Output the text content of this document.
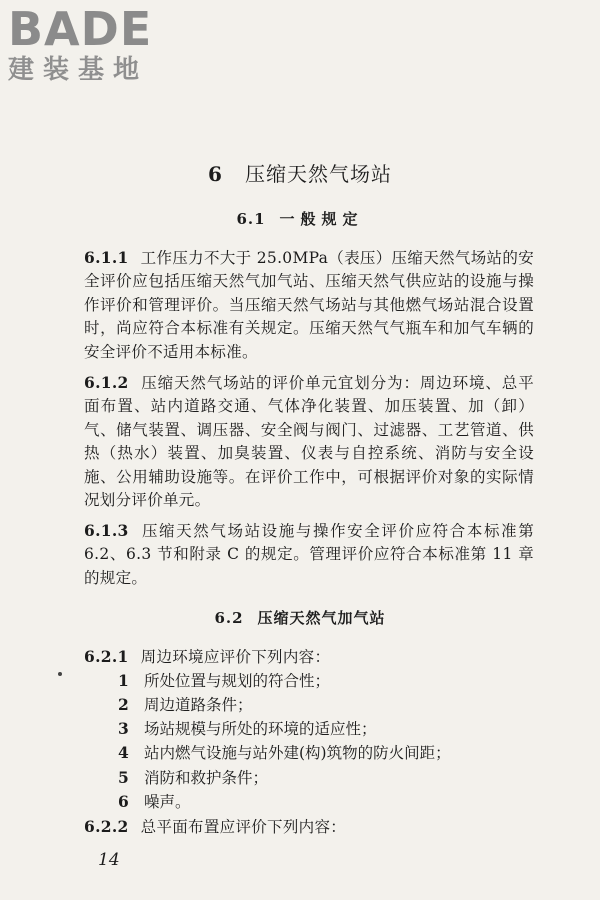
BADE
建装基地
6 压缩天然气场站
6.1 一般规定
6.1.1 工作压力不大于 25.0MPa（表压）压缩天然气场站的安全评价应包括压缩天然气加气站、压缩天然气供应站的设施与操作评价和管理评价。当压缩天然气场站与其他燃气场站混合设置时，尚应符合本标准有关规定。压缩天然气气瓶车和加气车辆的安全评价不适用本标准。
6.1.2 压缩天然气场站的评价单元宜划分为：周边环境、总平面布置、站内道路交通、气体净化装置、加压装置、加（卸）气、储气装置、调压器、安全阀与阀门、过滤器、工艺管道、供热（热水）装置、加臭装置、仪表与自控系统、消防与安全设施、公用辅助设施等。在评价工作中，可根据评价对象的实际情况划分评价单元。
6.1.3 压缩天然气场站设施与操作安全评价应符合本标准第 6.2、6.3 节和附录 C 的规定。管理评价应符合本标准第 11 章的规定。
6.2 压缩天然气加气站
6.2.1 周边环境应评价下列内容：
1 所处位置与规划的符合性；
2 周边道路条件；
3 场站规模与所处的环境的适应性；
4 站内燃气设施与站外建(构)筑物的防火间距；
5 消防和救护条件；
6 噪声。
6.2.2 总平面布置应评价下列内容：
14
